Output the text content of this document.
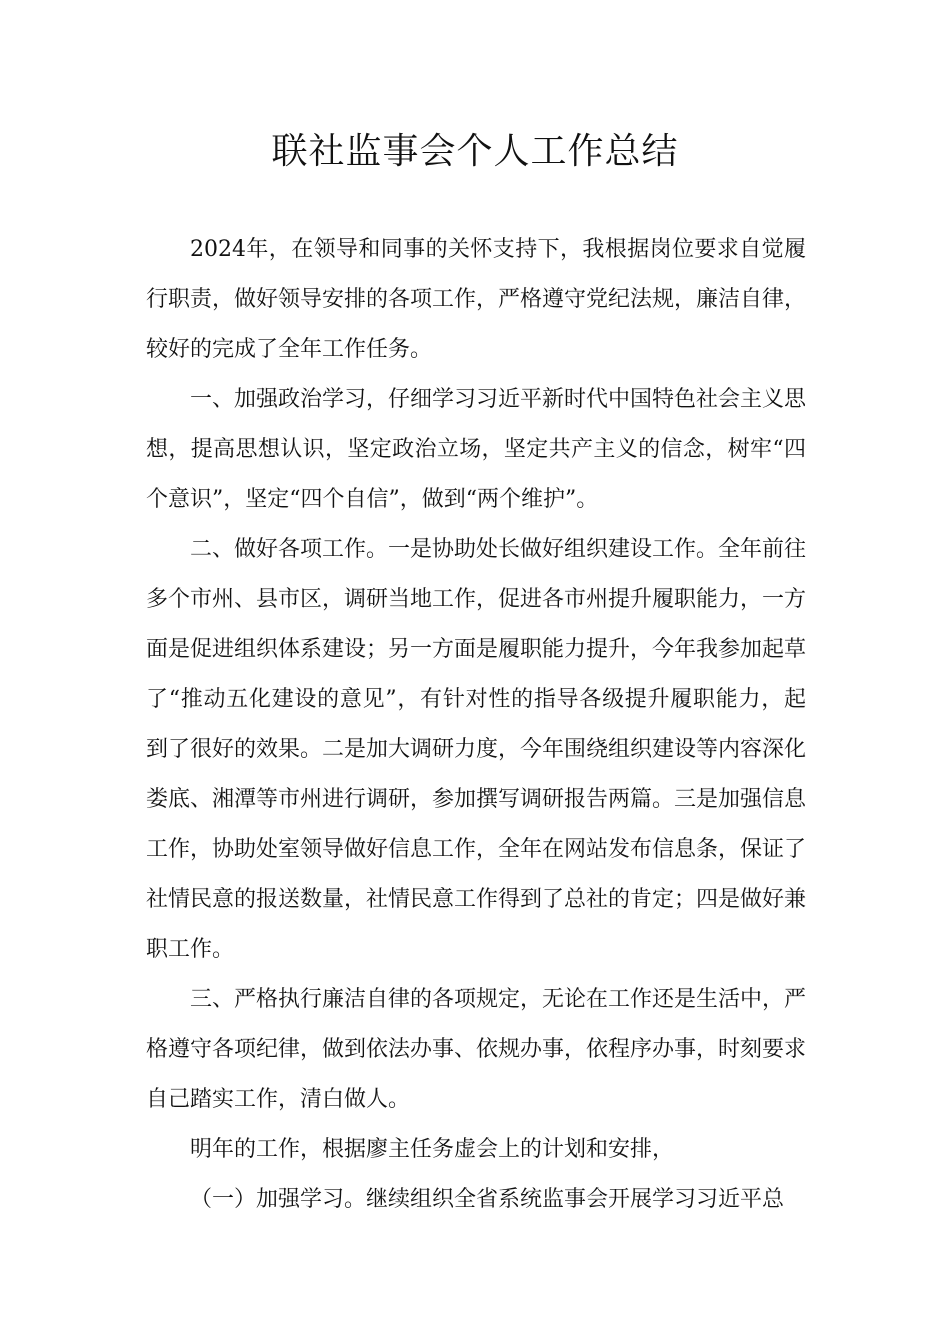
联社监事会个人工作总结

2024年，在领导和同事的关怀支持下，我根据岗位要求自觉履行职责，做好领导安排的各项工作，严格遵守党纪法规，廉洁自律，较好的完成了全年工作任务。

一、加强政治学习，仔细学习习近平新时代中国特色社会主义思想，提高思想认识，坚定政治立场，坚定共产主义的信念，树牢“四个意识”，坚定“四个自信”，做到“两个维护”。

二、做好各项工作。一是协助处长做好组织建设工作。全年前往多个市州、县市区，调研当地工作，促进各市州提升履职能力，一方面是促进组织体系建设；另一方面是履职能力提升，今年我参加起草了“推动五化建设的意见”，有针对性的指导各级提升履职能力，起到了很好的效果。二是加大调研力度，今年围绕组织建设等内容深化娄底、湘潭等市州进行调研，参加撰写调研报告两篇。三是加强信息工作，协助处室领导做好信息工作，全年在网站发布信息条，保证了社情民意的报送数量，社情民意工作得到了总社的肯定；四是做好兼职工作。

三、严格执行廉洁自律的各项规定，无论在工作还是生活中，严格遵守各项纪律，做到依法办事、依规办事，依程序办事，时刻要求自己踏实工作，清白做人。

明年的工作，根据廖主任务虚会上的计划和安排，

（一）加强学习。继续组织全省系统监事会开展学习习近平总
